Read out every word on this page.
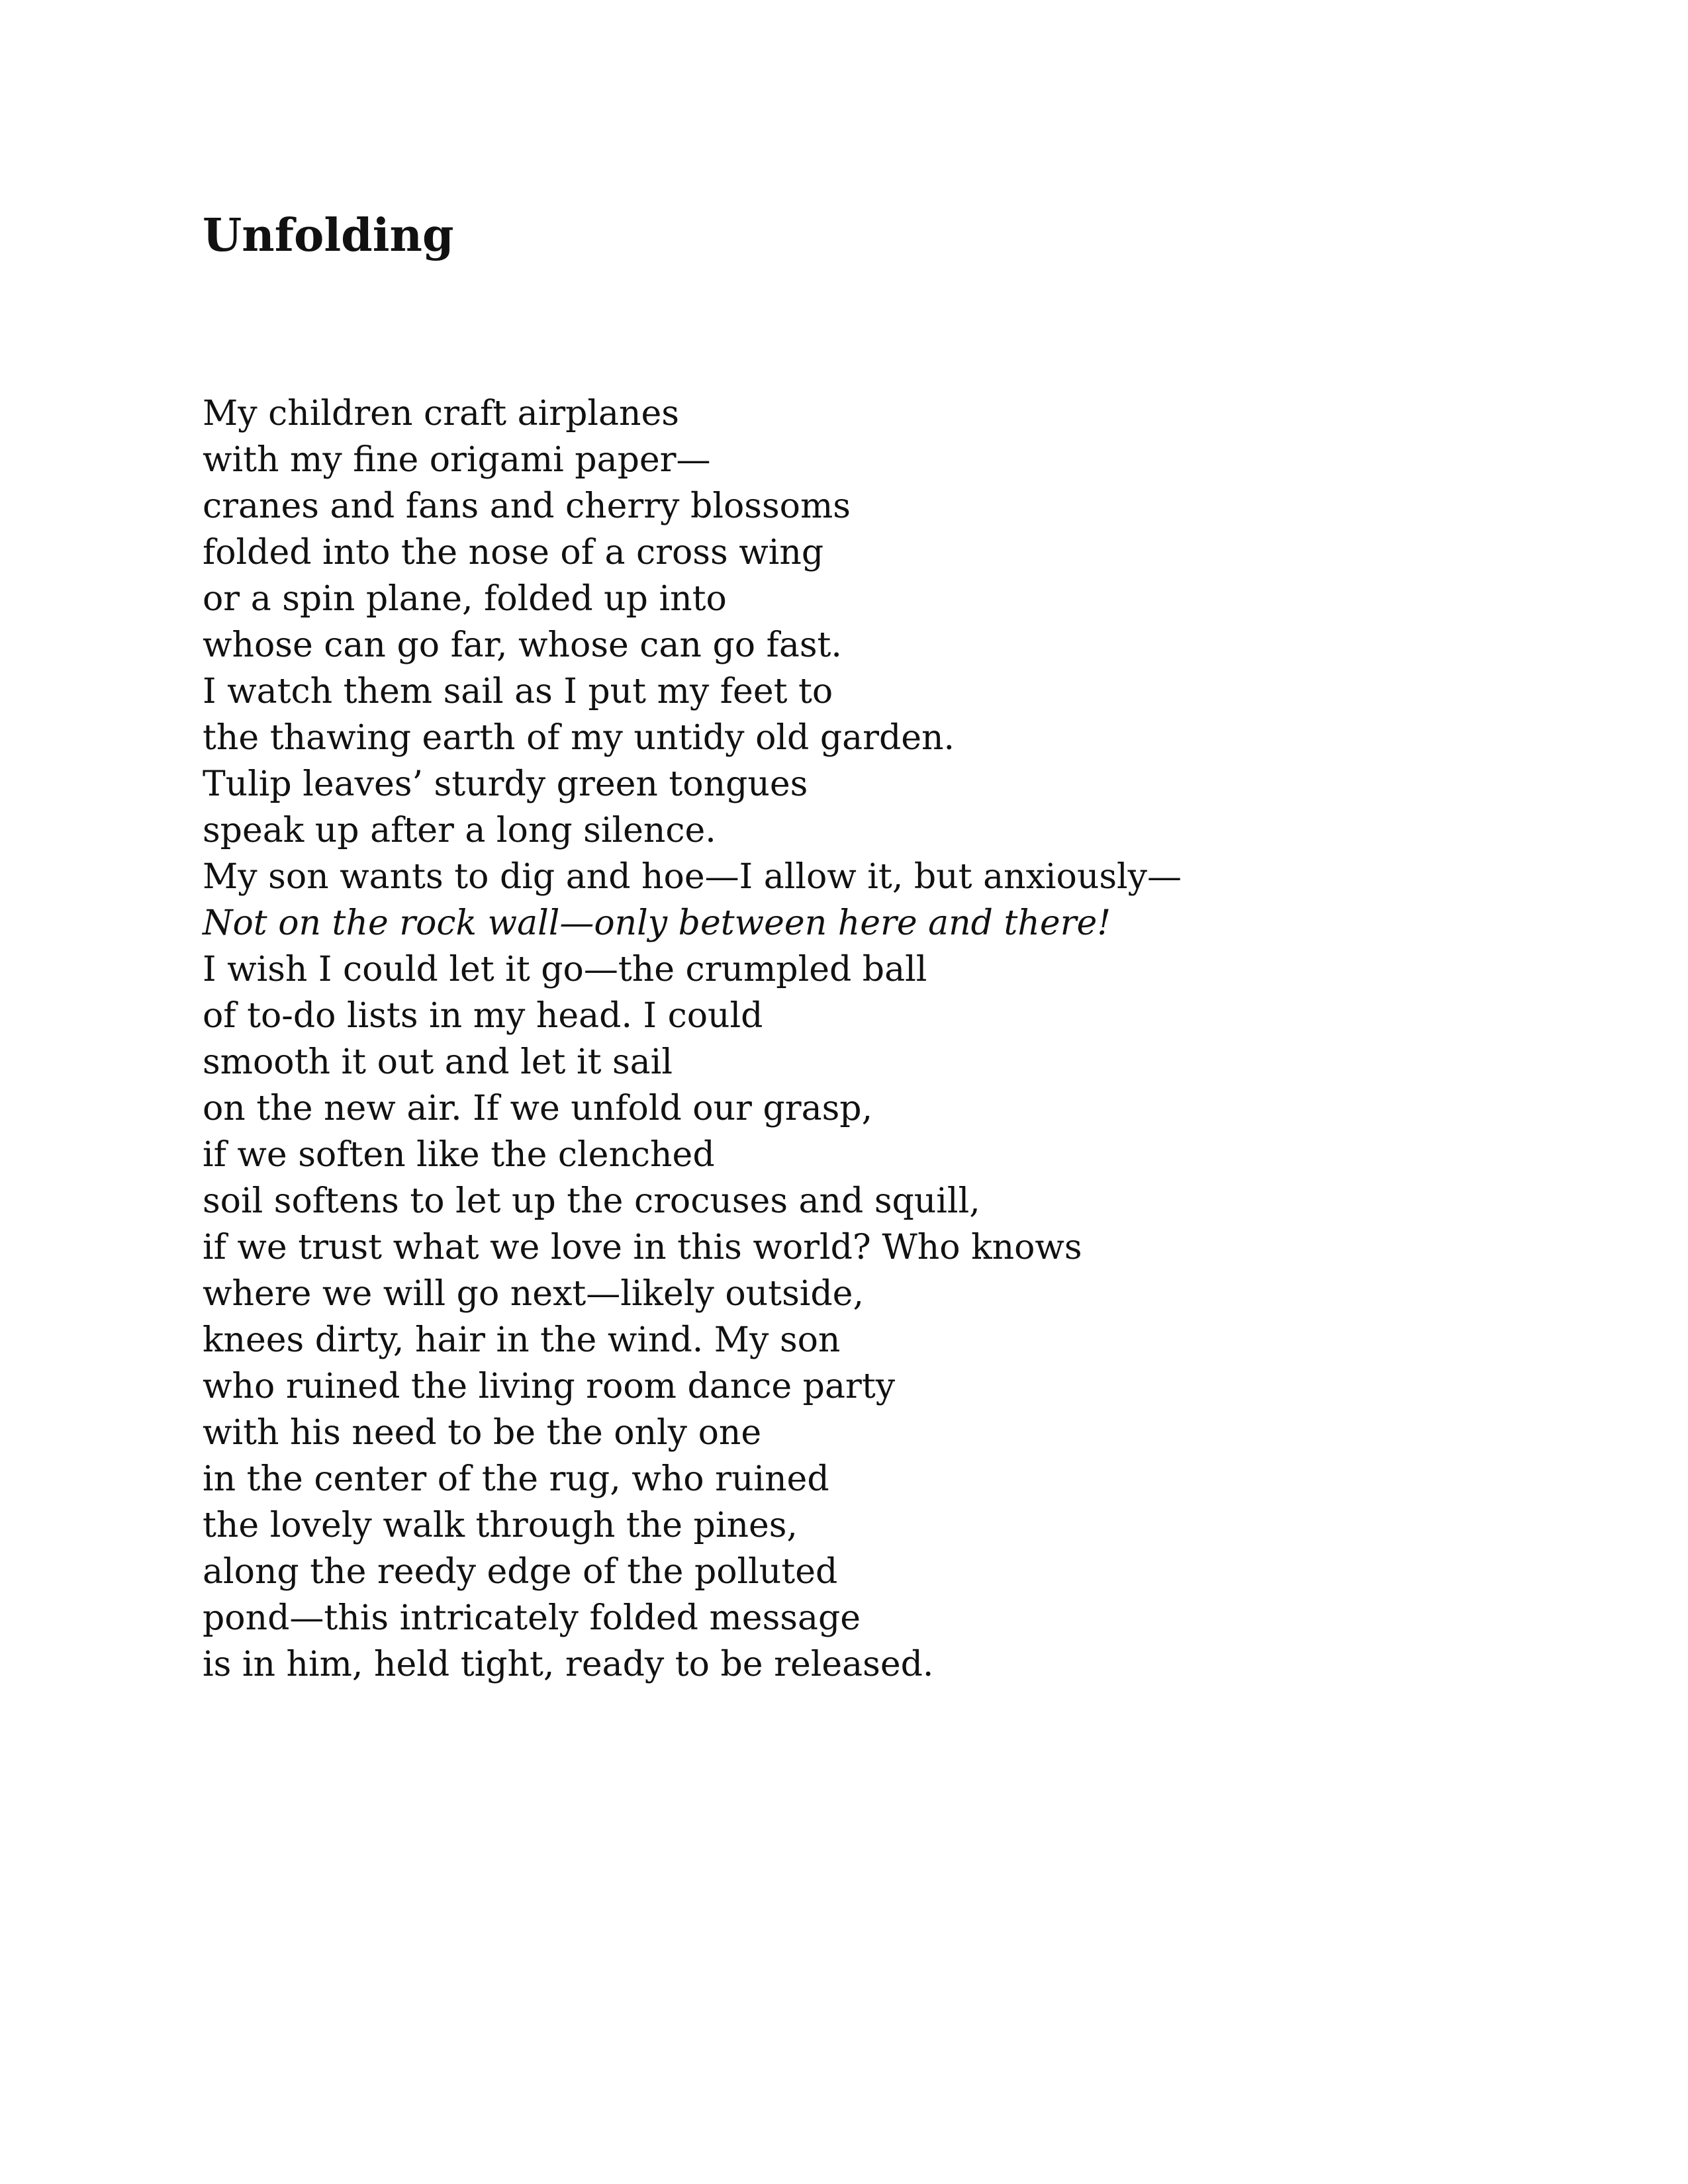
Unfolding
My children craft airplanes
with my fine origami paper—
cranes and fans and cherry blossoms
folded into the nose of a cross wing
or a spin plane, folded up into
whose can go far, whose can go fast.
I watch them sail as I put my feet to
the thawing earth of my untidy old garden.
Tulip leaves’ sturdy green tongues
speak up after a long silence.
My son wants to dig and hoe—I allow it, but anxiously—
Not on the rock wall—only between here and there!
I wish I could let it go—the crumpled ball
of to-do lists in my head. I could
smooth it out and let it sail
on the new air. If we unfold our grasp,
if we soften like the clenched
soil softens to let up the crocuses and squill,
if we trust what we love in this world? Who knows
where we will go next—likely outside,
knees dirty, hair in the wind. My son
who ruined the living room dance party
with his need to be the only one
in the center of the rug, who ruined
the lovely walk through the pines,
along the reedy edge of the polluted
pond—this intricately folded message
is in him, held tight, ready to be released.
